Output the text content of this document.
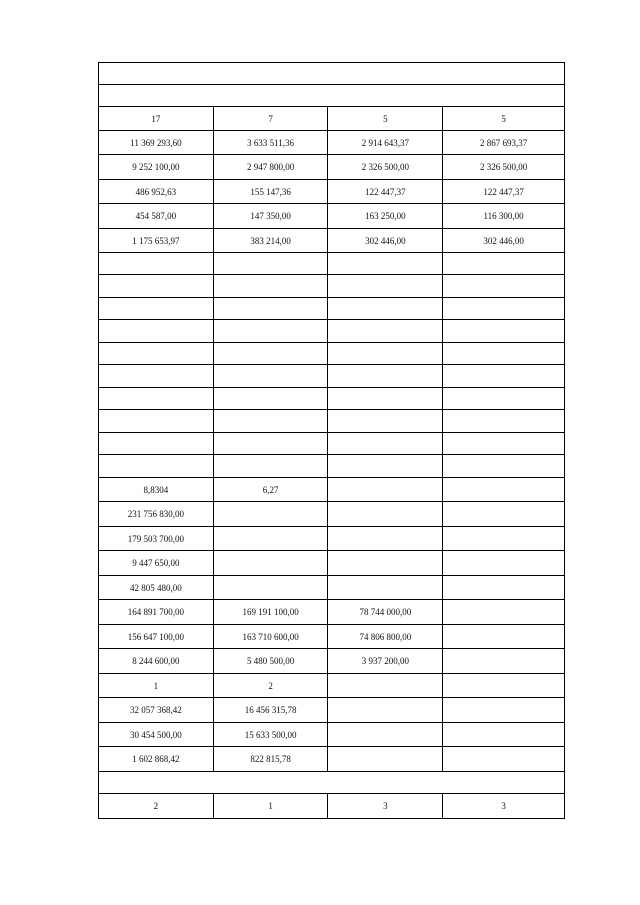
17	7	5	5
11 369 293,60	3 633 511,36	2 914 643,37	2 867 693,37
9 252 100,00	2 947 800,00	2 326 500,00	2 326 500,00
486 952,63	155 147,36	122 447,37	122 447,37
454 587,00	147 350,00	163 250,00	116 300,00
1 175 653,97	383 214,00	302 446,00	302 446,00

8,8304	6,27		
231 756 830,00			
179 503 700,00			
9 447 650,00			
42 805 480,00			
164 891 700,00	169 191 100,00	78 744 000,00	
156 647 100,00	163 710 600,00	74 806 800,00	
8 244 600,00	5 480 500,00	3 937 200,00	
1	2		
32 057 368,42	16 456 315,78		
30 454 500,00	15 633 500,00		
1 602 868,42	822 815,78		

2	1	3	3
